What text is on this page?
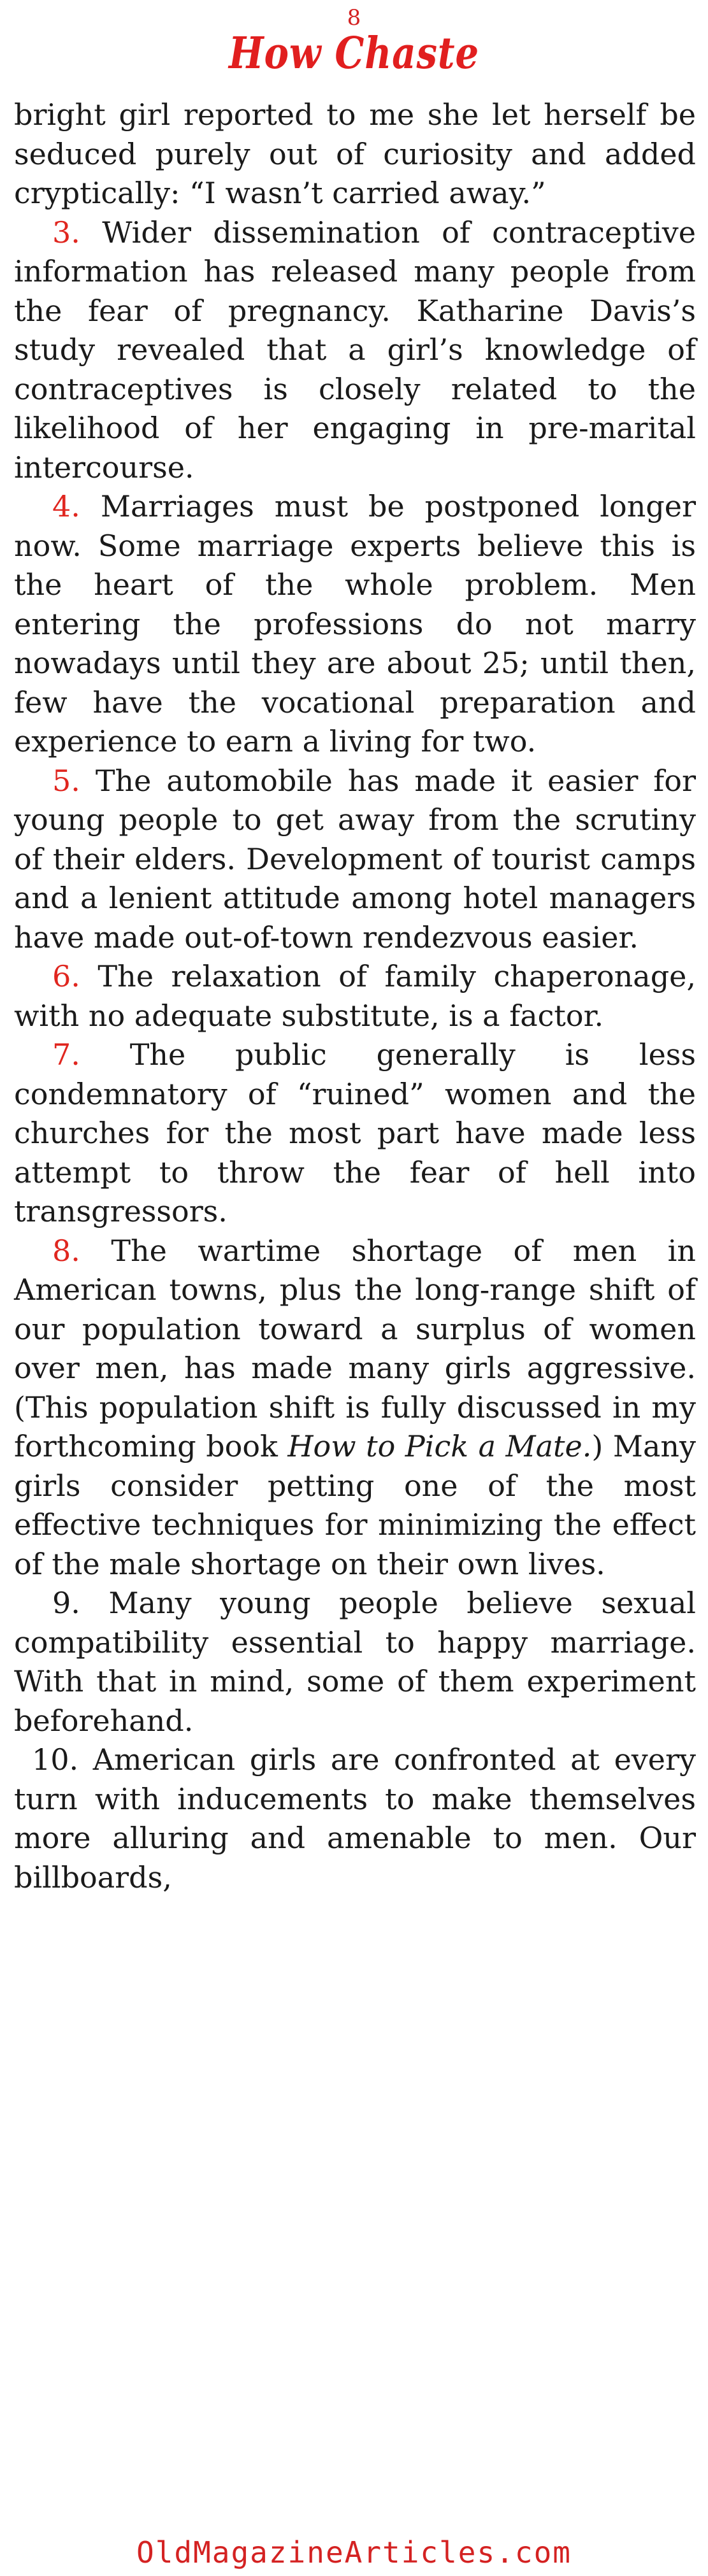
8
How Chaste

bright girl reported to me she let herself be seduced purely out of curiosity and added cryptically: “I wasn’t carried away.”

3. Wider dissemination of contraceptive information has released many people from the fear of pregnancy. Katharine Davis’s study revealed that a girl’s knowledge of contraceptives is closely related to the likelihood of her engaging in pre-marital intercourse.

4. Marriages must be postponed longer now. Some marriage experts believe this is the heart of the whole problem. Men entering the professions do not marry nowadays until they are about 25; until then, few have the vocational preparation and experience to earn a living for two.

5. The automobile has made it easier for young people to get away from the scrutiny of their elders. Development of tourist camps and a lenient attitude among hotel managers have made out-of-town rendezvous easier.

6. The relaxation of family chaperonage, with no adequate substitute, is a factor.

7. The public generally is less condemnatory of “ruined” women and the churches for the most part have made less attempt to throw the fear of hell into transgressors.

8. The wartime shortage of men in American towns, plus the long-range shift of our population toward a surplus of women over men, has made many girls aggressive. (This population shift is fully discussed in my forthcoming book How to Pick a Mate.) Many girls consider petting one of the most effective techniques for minimizing the effect of the male shortage on their own lives.

9. Many young people believe sexual compatibility essential to happy marriage. With that in mind, some of them experiment beforehand.

10. American girls are confronted at every turn with inducements to make themselves more alluring and amenable to men. Our billboards,

OldMagazineArticles.com
